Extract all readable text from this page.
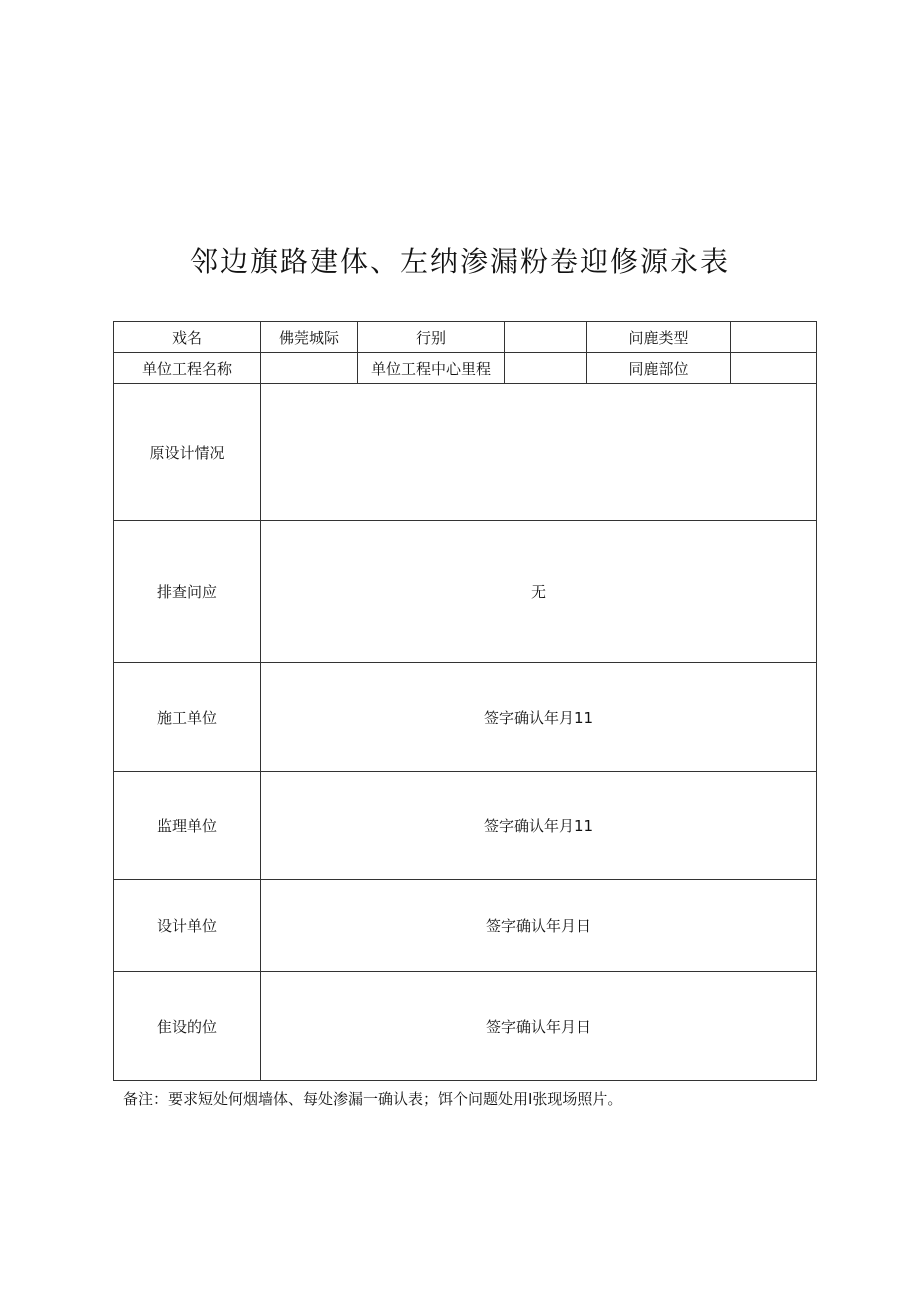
邻边旗路建体、左纳渗漏粉卷迎修源永表
戏名	佛莞城际	行别		问鹿类型	
单位工程名称		单位工程中心里程		同鹿部位	
原设计情况					
排查问应	无				
施工单位	签字确认年月11				
监理单位	签字确认年月11				
设计单位	签字确认年月日				
隹设的位	签字确认年月日				
备注：要求短处何烟墙体、每处渗漏一确认表；饵个问题处用I张现场照片。
